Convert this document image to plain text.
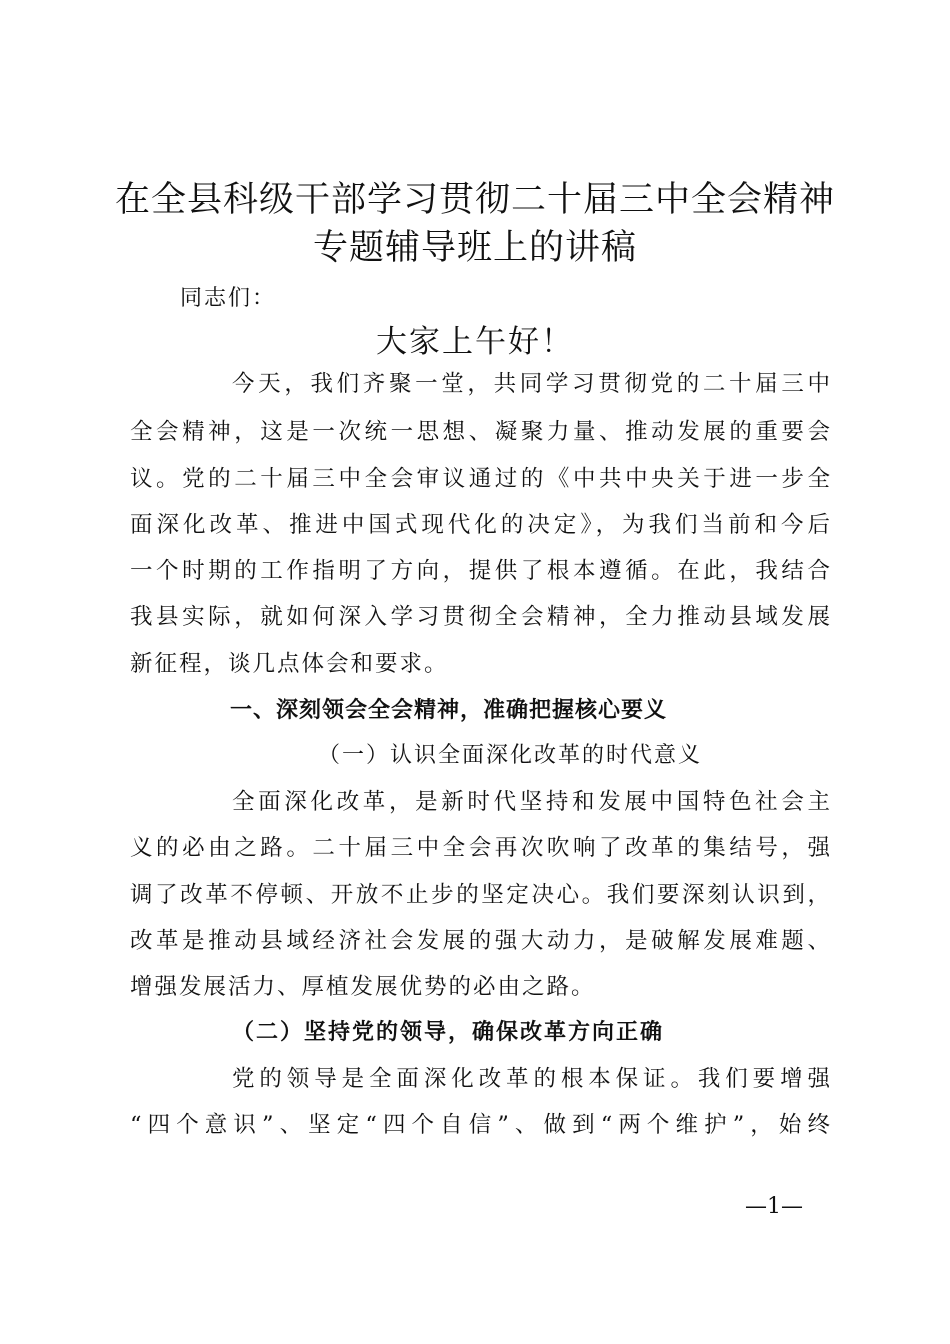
在全县科级干部学习贯彻二十届三中全会精神
专题辅导班上的讲稿
同志们：
大家上午好！
今天，我们齐聚一堂，共同学习贯彻党的二十届三中
全会精神，这是一次统一思想、凝聚力量、推动发展的重要会
议。党的二十届三中全会审议通过的《中共中央关于进一步全
面深化改革、推进中国式现代化的决定》，为我们当前和今后
一个时期的工作指明了方向，提供了根本遵循。在此，我结合
我县实际，就如何深入学习贯彻全会精神，全力推动县域发展
新征程，谈几点体会和要求。
一、深刻领会全会精神，准确把握核心要义
（一）认识全面深化改革的时代意义
全面深化改革，是新时代坚持和发展中国特色社会主
义的必由之路。二十届三中全会再次吹响了改革的集结号，强
调了改革不停顿、开放不止步的坚定决心。我们要深刻认识到，
改革是推动县域经济社会发展的强大动力，是破解发展难题、
增强发展活力、厚植发展优势的必由之路。
（二）坚持党的领导，确保改革方向正确
党的领导是全面深化改革的根本保证。我们要增强
“四个意识”、坚定“四个自信”、做到“两个维护”，始终
—1—
